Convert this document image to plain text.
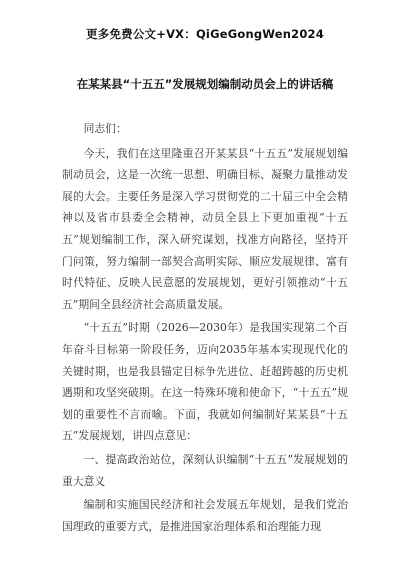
更多免费公文+VX：QiGeGongWen2024
在某某县“十五五”发展规划编制动员会上的讲话稿

同志们：

今天，我们在这里隆重召开某某县“十五五”发展规划编制动员会，这是一次统一思想、明确目标、凝聚力量推动发展的大会。主要任务是深入学习贯彻党的二十届三中全会精神以及省市县委全会精神，动员全县上下更加重视“十五五”规划编制工作，深入研究谋划，找准方向路径，坚持开门问策，努力编制一部契合高明实际、顺应发展规律、富有时代特征、反映人民意愿的发展规划，更好引领推动“十五五”期间全县经济社会高质量发展。

“十五五”时期（2026—2030年）是我国实现第二个百年奋斗目标第一阶段任务，迈向2035年基本实现现代化的关键时期，也是我县锚定目标争先进位、赶超跨越的历史机遇期和攻坚突破期。在这一特殊环境和使命下，“十五五”规划的重要性不言而喻。下面，我就如何编制好某某县“十五五”发展规划，讲四点意见：

一、提高政治站位，深刻认识编制“十五五”发展规划的重大意义

编制和实施国民经济和社会发展五年规划，是我们党治国理政的重要方式，是推进国家治理体系和治理能力现
